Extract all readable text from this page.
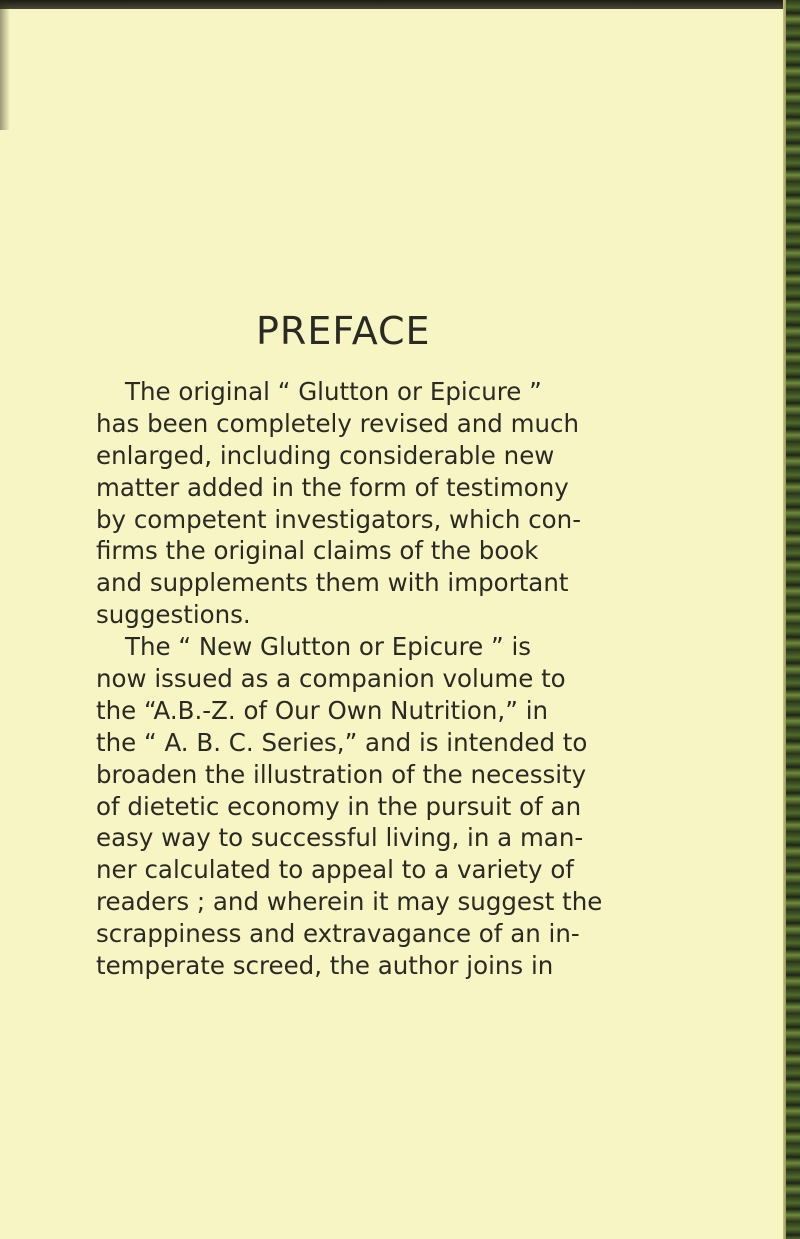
PREFACE
The original “ Glutton or Epicure ”
has been completely revised and much
enlarged, including considerable new
matter added in the form of testimony
by competent investigators, which con-
firms the original claims of the book
and supplements them with important
suggestions.
The “ New Glutton or Epicure ” is
now issued as a companion volume to
the “A.B.-Z. of Our Own Nutrition,” in
the “ A. B. C. Series,” and is intended to
broaden the illustration of the necessity
of dietetic economy in the pursuit of an
easy way to successful living, in a man-
ner calculated to appeal to a variety of
readers ; and wherein it may suggest the
scrappiness and extravagance of an in-
temperate screed, the author joins in
